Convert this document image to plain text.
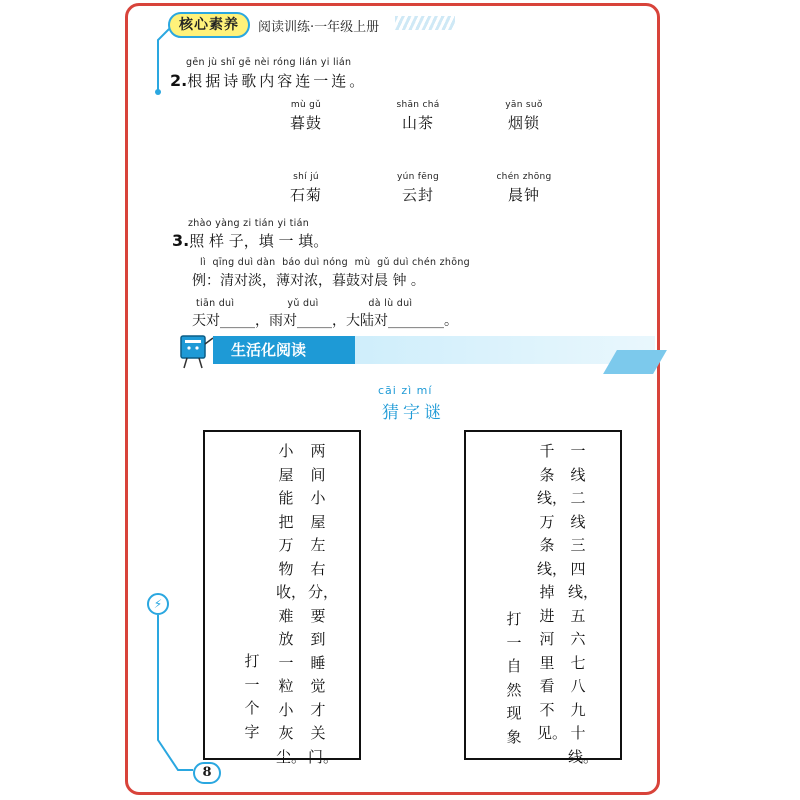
核心素养	阅读训练·一年级上册
gēn jù shī gē nèi róng lián yi lián
2.根据诗歌内容连一连。
mù gǔ
暮鼓
shān chá
山茶
yān suǒ
烟锁
shí jú
石菊
yún fēng
云封
chén zhōng
晨钟
zhào yàng zi tián yi tián
3.照 样 子，填 一 填。
lì  qīng duì dàn  báo duì nóng  mù  gǔ duì chén zhōng
例：清对淡，薄对浓，暮鼓对晨 钟 。
tiān duì                yǔ duì               dà lù duì
天对_____，雨对_____，大陆对________。
生活化阅读
cāi zì mí
猜字谜
两间小屋左右分，要到睡觉才关门。
小屋能把万物收，难放一粒小灰尘。
打一个字
一线二线三四线，五六七八九十线。
千条线，万条线，掉进河里看不见。
打一自然现象
⚡
8
